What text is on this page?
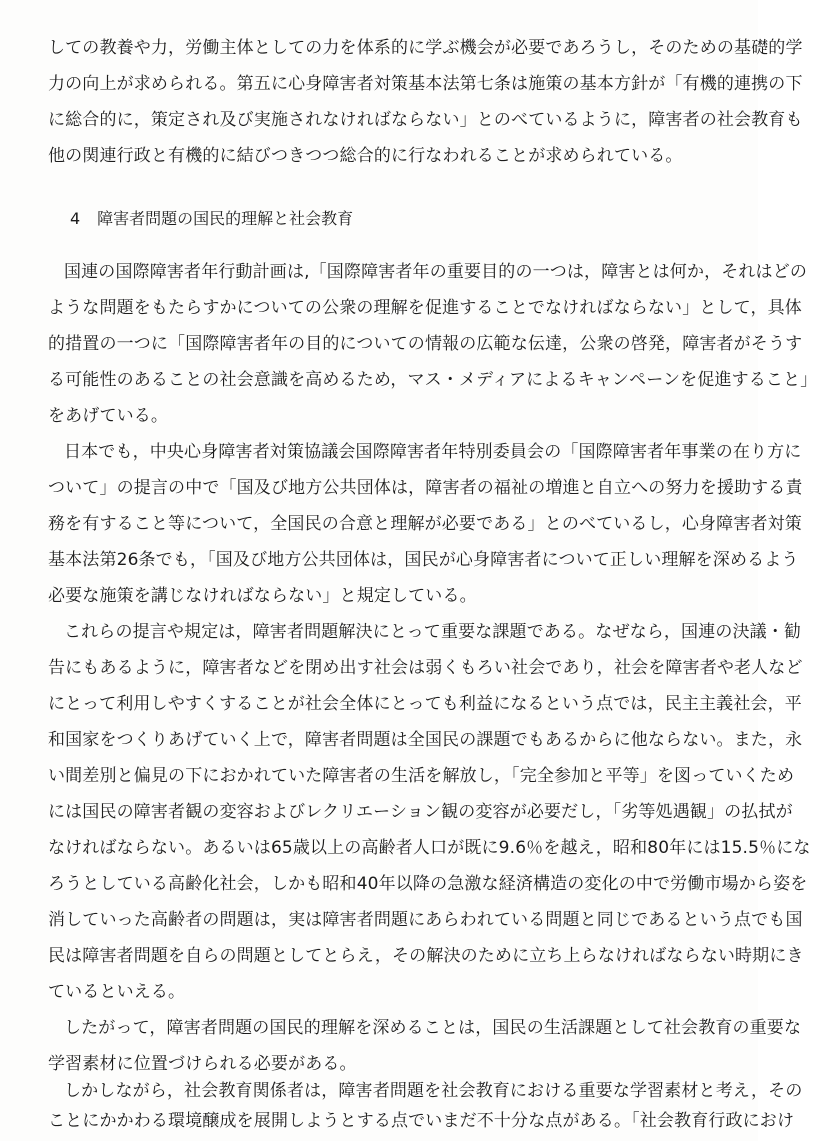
しての教養や力，労働主体としての力を体系的に学ぶ機会が必要であろうし，そのための基礎的学
力の向上が求められる。第五に心身障害者対策基本法第七条は施策の基本方針が「有機的連携の下
に総合的に，策定され及び実施されなければならない」とのべているように，障害者の社会教育も
他の関連行政と有機的に結びつきつつ総合的に行なわれることが求められている。
4 障害者問題の国民的理解と社会教育
国連の国際障害者年行動計画は,「国際障害者年の重要目的の一つは，障害とは何か，それはどの
ような問題をもたらすかについての公衆の理解を促進することでなければならない」として，具体
的措置の一つに「国際障害者年の目的についての情報の広範な伝達，公衆の啓発，障害者がそうす
る可能性のあることの社会意識を高めるため，マス・メディアによるキャンペーンを促進すること」
をあげている。
日本でも，中央心身障害者対策協議会国際障害者年特別委員会の「国際障害者年事業の在り方に
ついて」の提言の中で「国及び地方公共団体は，障害者の福祉の増進と自立への努力を援助する責
務を有すること等について，全国民の合意と理解が必要である」とのべているし，心身障害者対策
基本法第26条でも，「国及び地方公共団体は，国民が心身障害者について正しい理解を深めるよう
必要な施策を講じなければならない」と規定している。
これらの提言や規定は，障害者問題解決にとって重要な課題である。なぜなら，国連の決議・勧
告にもあるように，障害者などを閉め出す社会は弱くもろい社会であり，社会を障害者や老人など
にとって利用しやすくすることが社会全体にとっても利益になるという点では，民主主義社会，平
和国家をつくりあげていく上で，障害者問題は全国民の課題でもあるからに他ならない。また，永
い間差別と偏見の下におかれていた障害者の生活を解放し，「完全参加と平等」を図っていくため
には国民の障害者観の変容およびレクリエーション観の変容が必要だし，「劣等処遇観」の払拭が
なければならない。あるいは65歳以上の高齢者人口が既に9.6％を越え，昭和80年には15.5％にな
ろうとしている高齢化社会，しかも昭和40年以降の急激な経済構造の変化の中で労働市場から姿を
消していった高齢者の問題は，実は障害者問題にあらわれている問題と同じであるという点でも国
民は障害者問題を自らの問題としてとらえ，その解決のために立ち上らなければならない時期にき
ているといえる。
したがって，障害者問題の国民的理解を深めることは，国民の生活課題として社会教育の重要な
学習素材に位置づけられる必要がある。
しかしながら，社会教育関係者は，障害者問題を社会教育における重要な学習素材と考え，その
ことにかかわる環境醸成を展開しようとする点でいまだ不十分な点がある。「社会教育行政におけ
